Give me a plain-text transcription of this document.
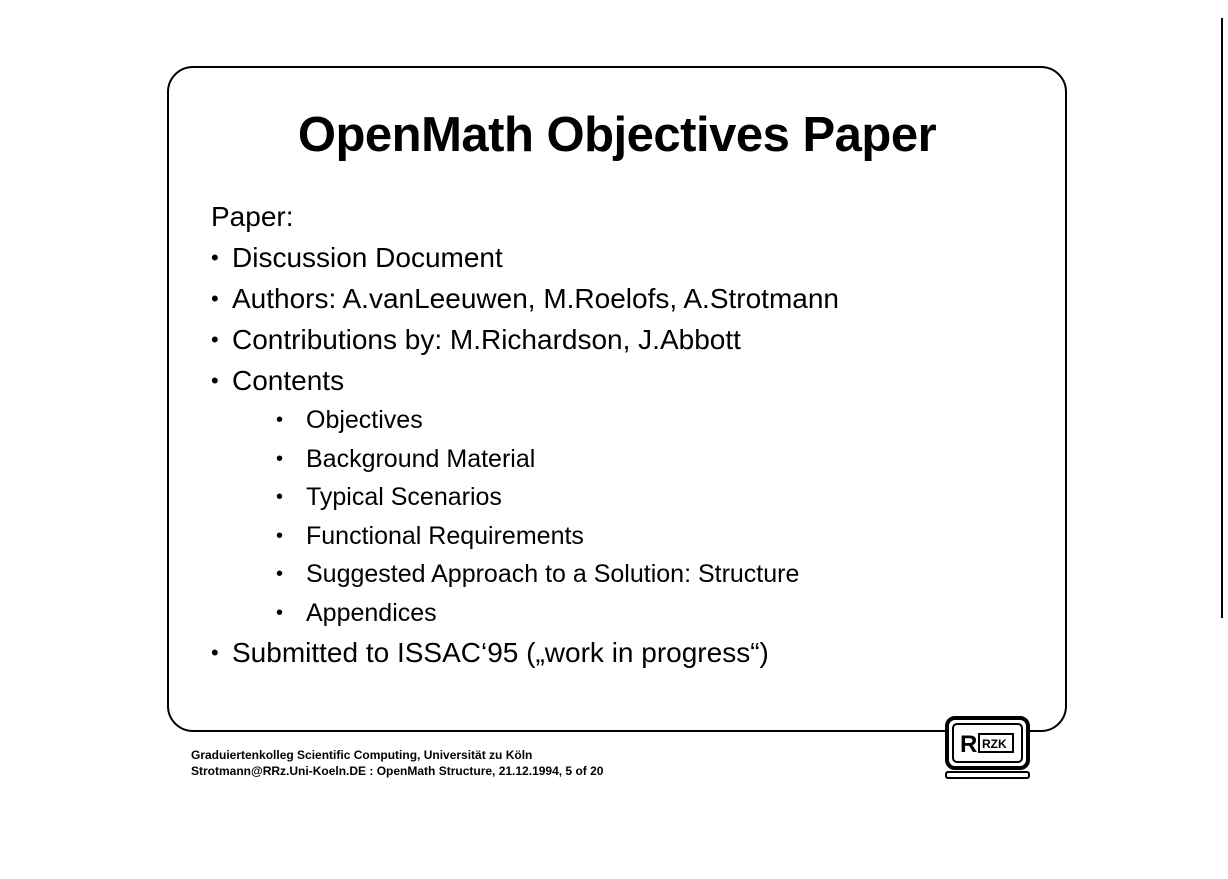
OpenMath Objectives Paper

Paper:

• Discussion Document
• Authors: A.vanLeeuwen, M.Roelofs, A.Strotmann
• Contributions by: M.Richardson, J.Abbott
• Contents
• Objectives
• Background Material
• Typical Scenarios
• Functional Requirements
• Suggested Approach to a Solution: Structure
• Appendices
• Submitted to ISSAC‘95 („work in progress“)
Graduiertenkolleg Scientific Computing, Universität zu Köln
Strotmann@RRz.Uni-Koeln.DE : OpenMath Structure, 21.12.1994, 5 of 20
R RZK
